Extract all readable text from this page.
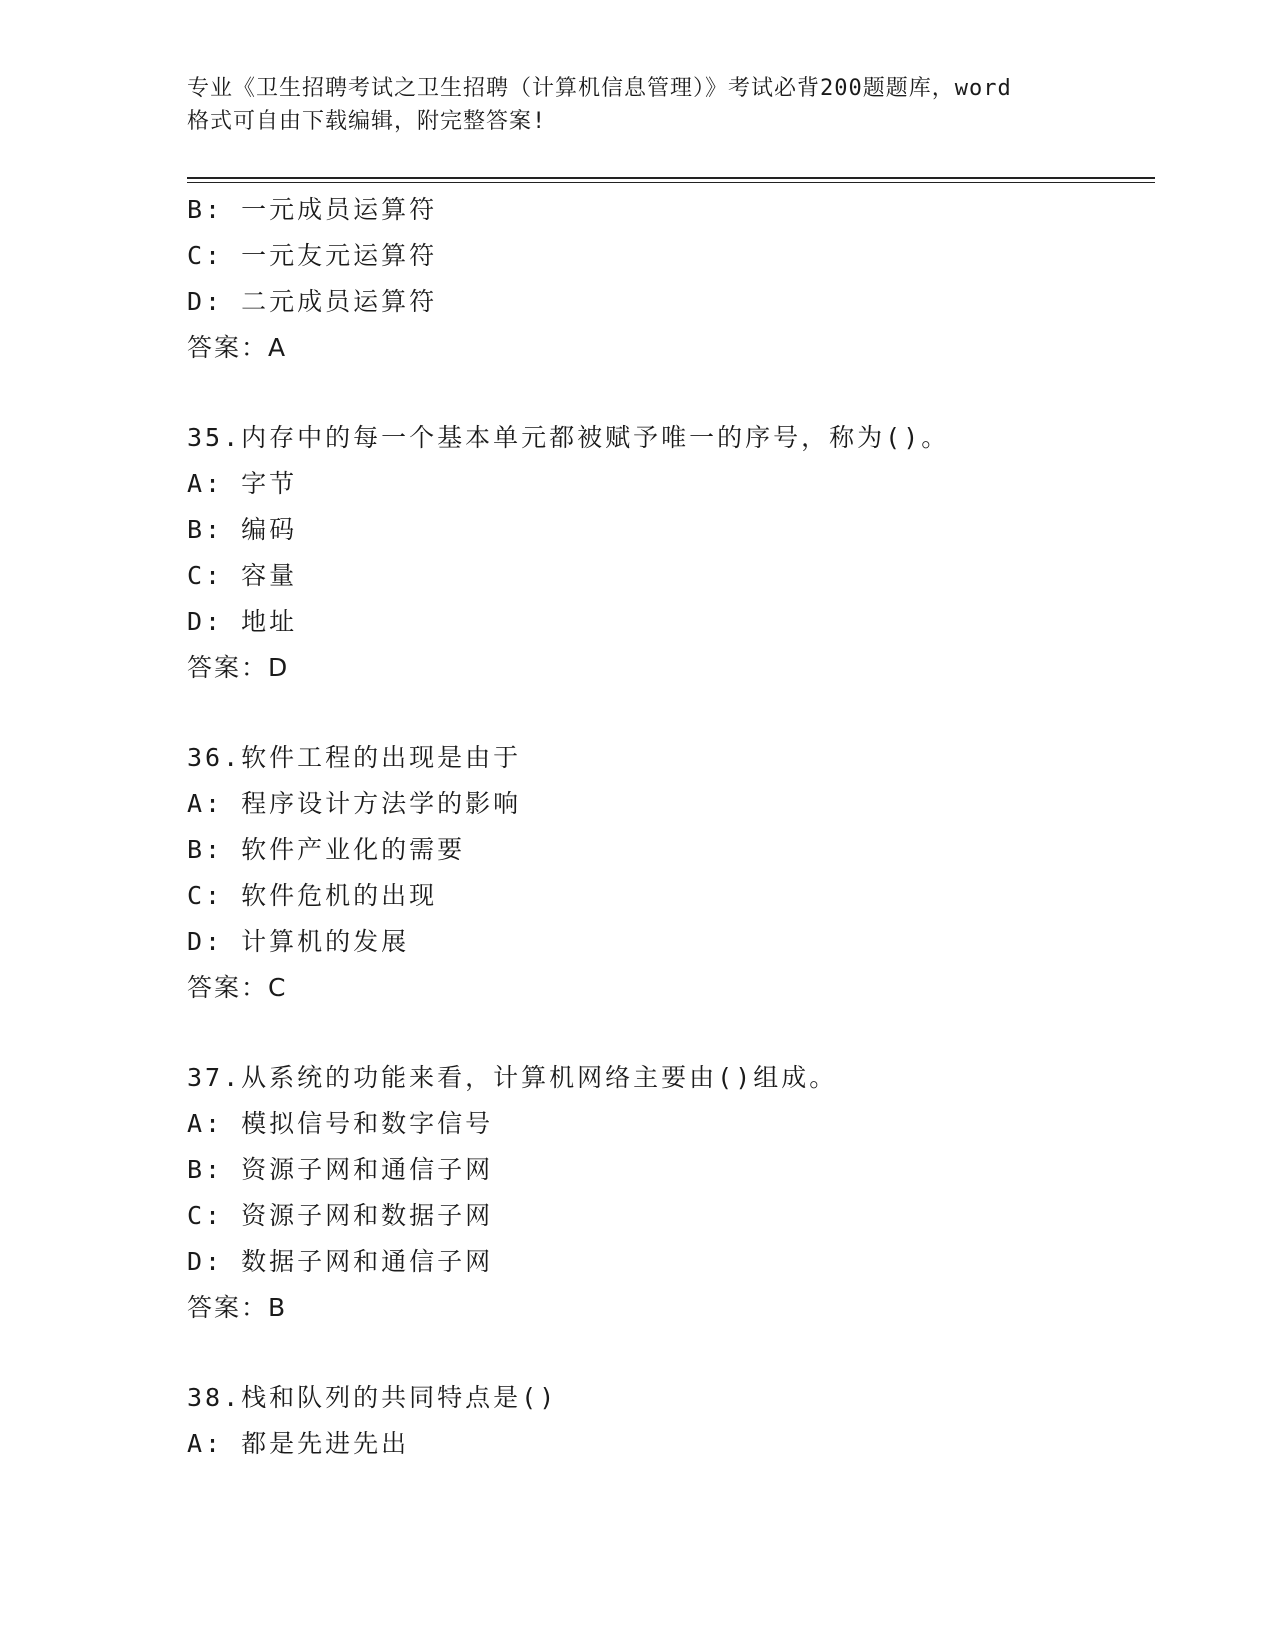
专业《卫生招聘考试之卫生招聘（计算机信息管理）》考试必背200题题库，word
格式可自由下载编辑，附完整答案!
B: 一元成员运算符
C: 一元友元运算符
D: 二元成员运算符
答案：A
35.内存中的每一个基本单元都被赋予唯一的序号，称为()。
A: 字节
B: 编码
C: 容量
D: 地址
答案：D
36.软件工程的出现是由于
A: 程序设计方法学的影响
B: 软件产业化的需要
C: 软件危机的出现
D: 计算机的发展
答案：C
37.从系统的功能来看，计算机网络主要由()组成。
A: 模拟信号和数字信号
B: 资源子网和通信子网
C: 资源子网和数据子网
D: 数据子网和通信子网
答案：B
38.栈和队列的共同特点是()
A: 都是先进先出
